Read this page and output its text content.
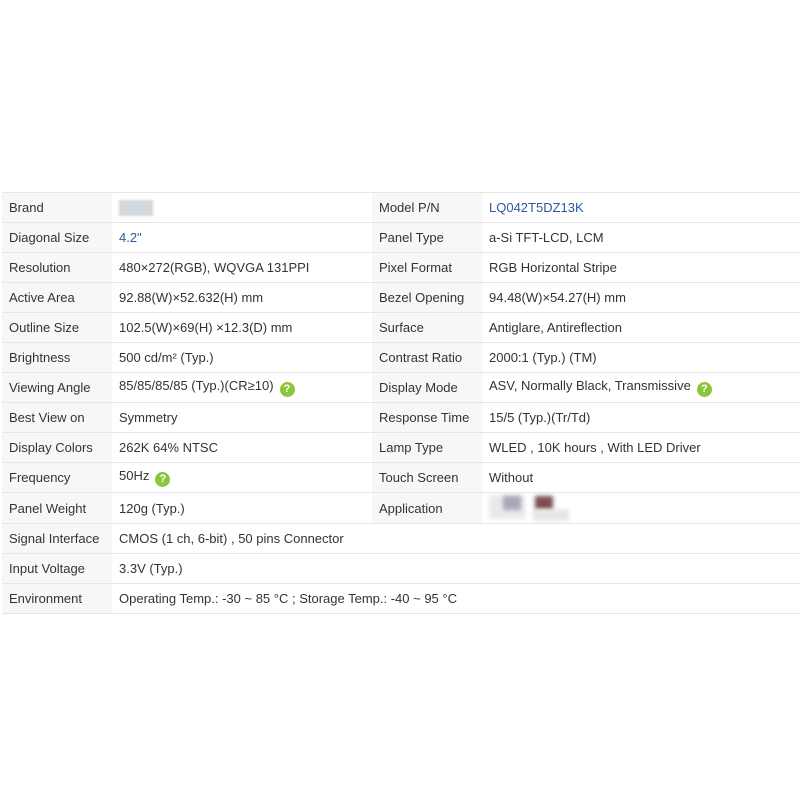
Brand		Model P/N	LQ042T5DZ13K
Diagonal Size	4.2"	Panel Type	a-Si TFT-LCD, LCM
Resolution	480×272(RGB), WQVGA 131PPI	Pixel Format	RGB Horizontal Stripe
Active Area	92.88(W)×52.632(H) mm	Bezel Opening	94.48(W)×54.27(H) mm
Outline Size	102.5(W)×69(H) ×12.3(D) mm	Surface	Antiglare, Antireflection
Brightness	500 cd/m² (Typ.)	Contrast Ratio	2000:1 (Typ.) (TM)
Viewing Angle	85/85/85/85 (Typ.)(CR≥10) ?	Display Mode	ASV, Normally Black, Transmissive ?
Best View on	Symmetry	Response Time	15/5 (Typ.)(Tr/Td)
Display Colors	262K 64% NTSC	Lamp Type	WLED , 10K hours , With LED Driver
Frequency	50Hz ?	Touch Screen	Without
Panel Weight	120g (Typ.)	Application	

Signal Interface	CMOS (1 ch, 6-bit) , 50 pins Connector		
Input Voltage	3.3V (Typ.)		
Environment	Operating Temp.: -30 ~ 85 °C ; Storage Temp.: -40 ~ 95 °C		
